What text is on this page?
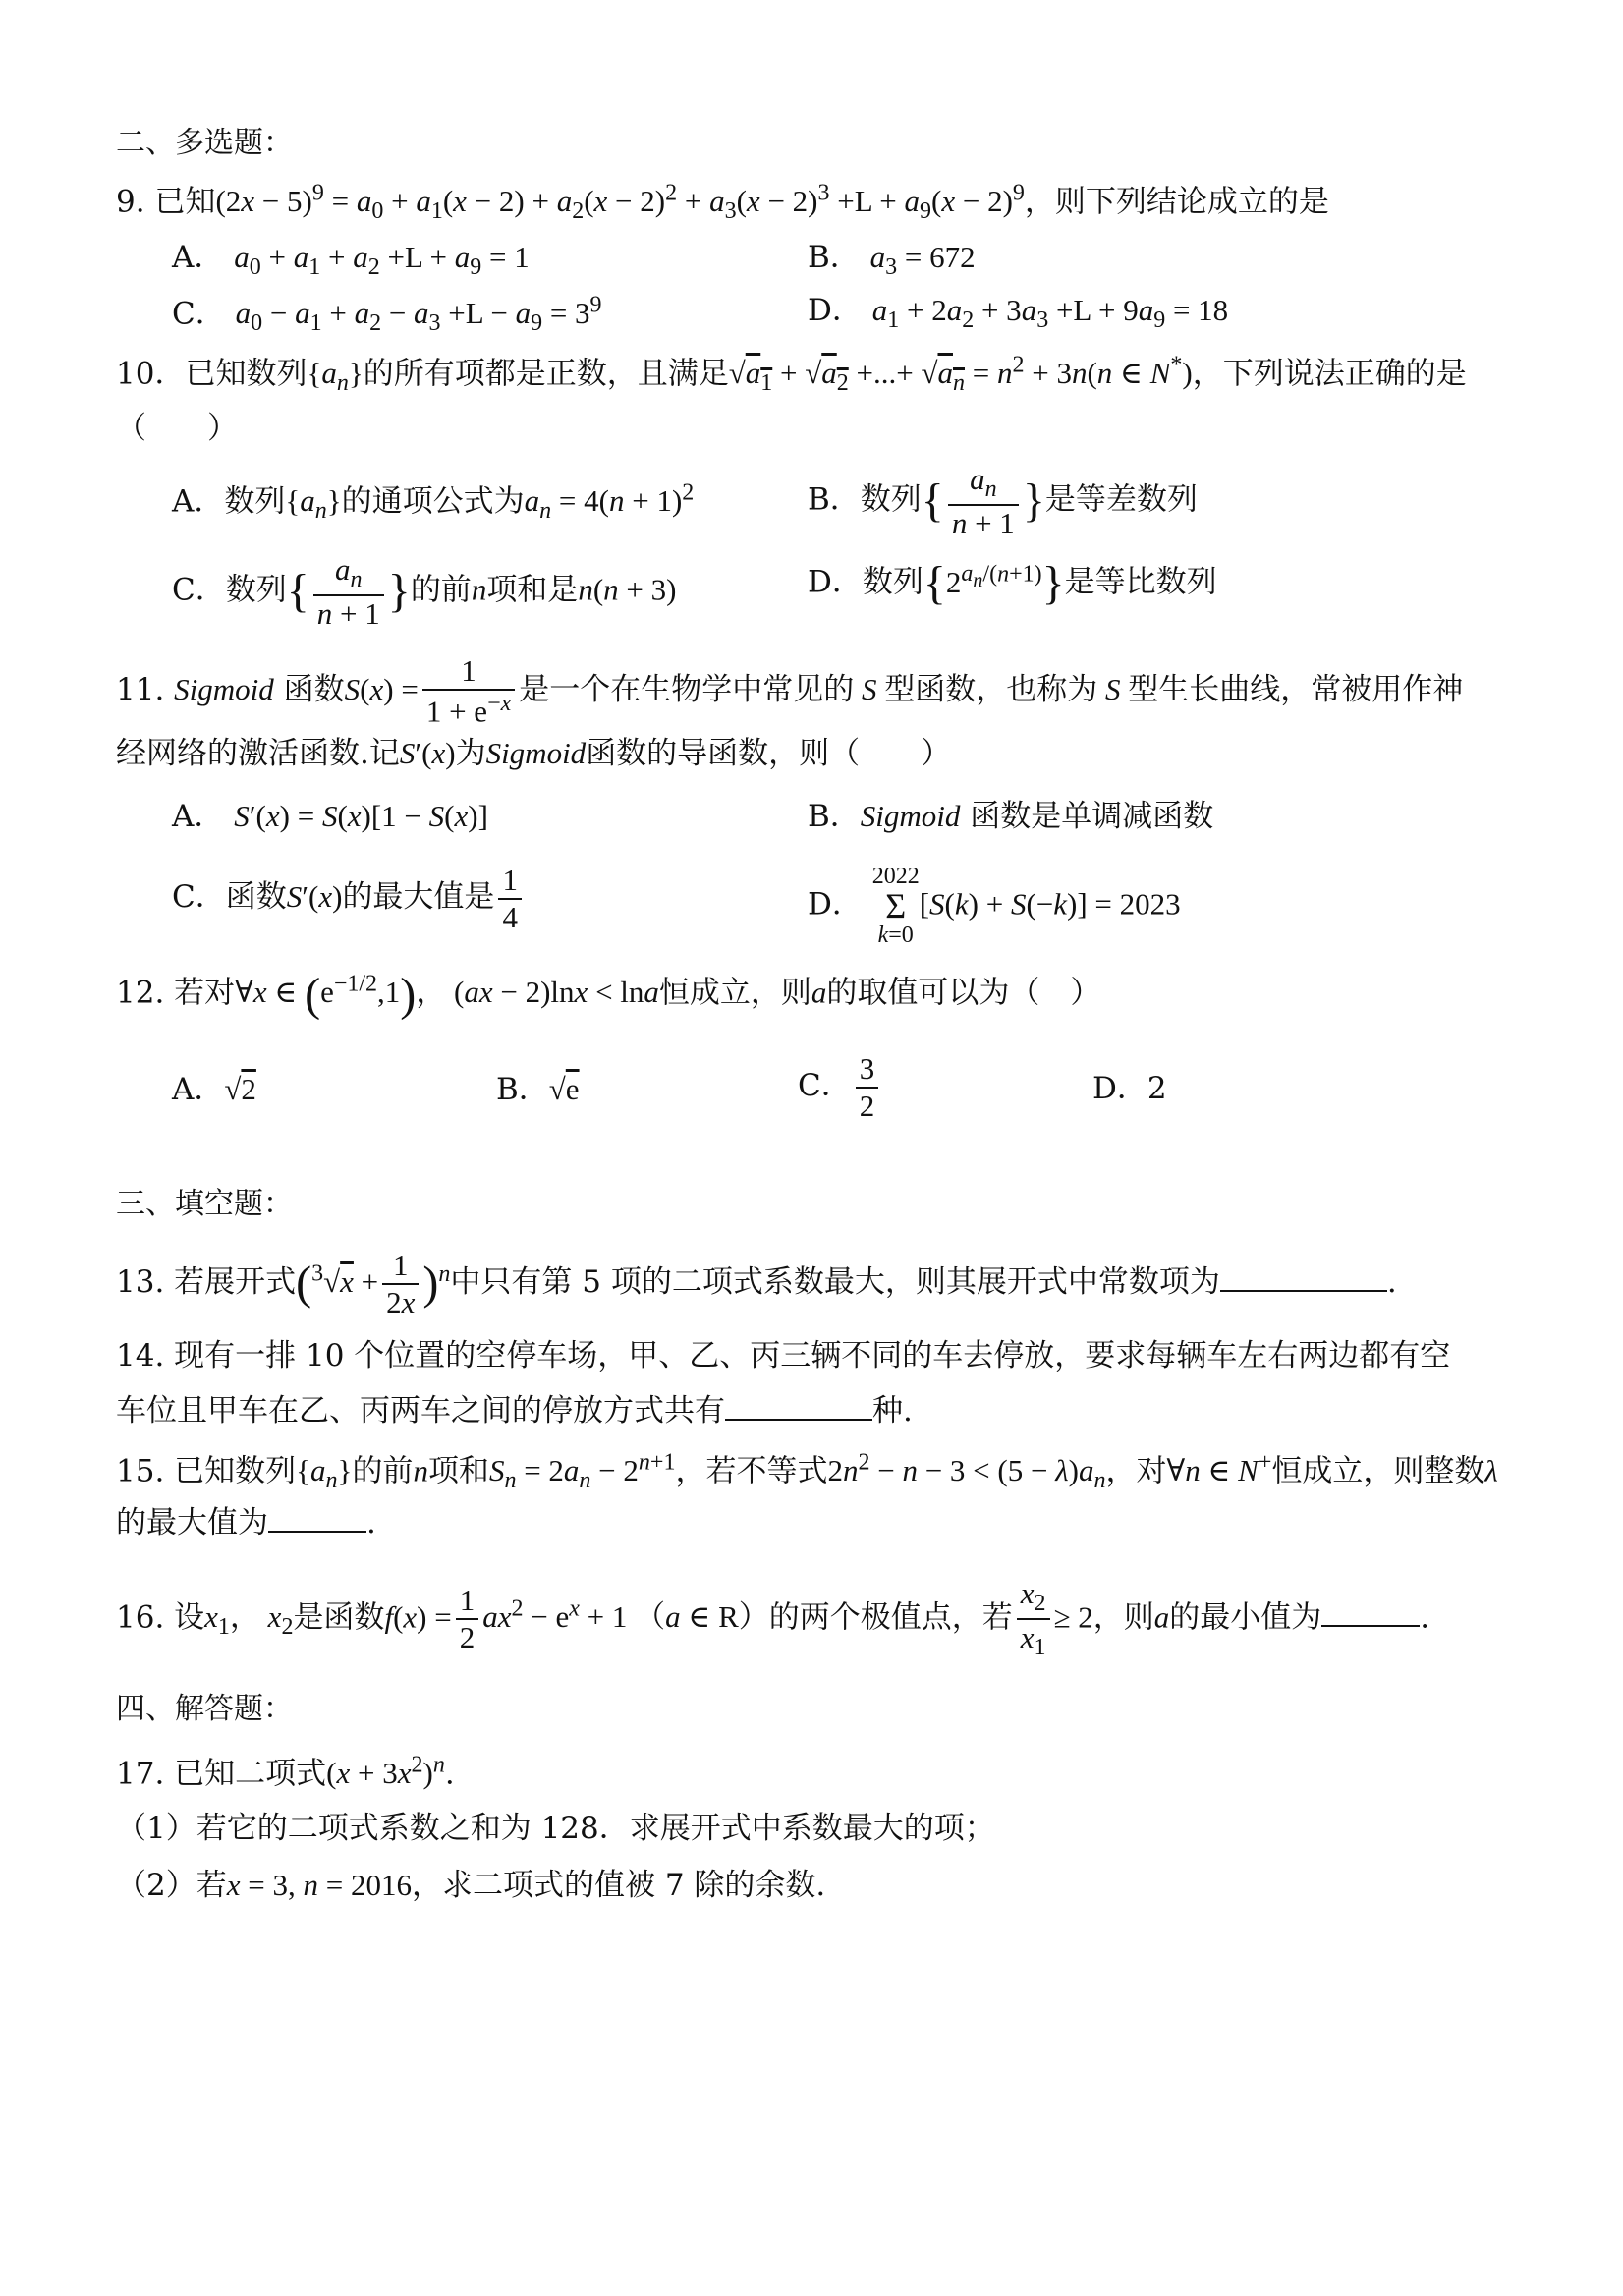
二、多选题：
9. 已知$(2x - 5)^9 = a_0 + a_1(x - 2) + a_2(x - 2)^2 + a_3(x - 2)^3 +L + a_9(x - 2)^9$，则下列结论成立的是
A． $a_0 + a_1 + a_2 +L + a_9 = 1$	B． $a_3 = 672$
C． $a_0 - a_1 + a_2 - a_3 +L - a_9 = 3^9$	D． $a_1 + 2a_2 + 3a_3 +L + 9a_9 = 18$
10．已知数列$\{a_n\}$的所有项都是正数，且满足$√a_1 + √a_2$ +...+ $√a_n = n^2 + 3n(n$ ∈ N*)，下列说法正确的是
（　　）
A．数列$\{a_n\}$的通项公式为$a_n = 4(n + 1)^2$	B．数列{ $\frac{a_n}{n + 1}$ }是等差数列
C．数列{ $\frac{a_n}{n + 1}$ }的前n项和是n(n + 3)	D．数列$\{2^{a_n/(n+1)}\}$是等比数列
11. Sigmoid 函数$S(x) = \frac{1}{1 + e^{-x}}$ 是一个在生物学中常见的 S 型函数，也称为 S 型生长曲线，常被用作神
经网络的激活函数.记S′(x)为Sigmoid函数的导函数，则（　　）
A． S′(x) = S(x)[1 − S(x)]	B．Sigmoid 函数是单调减函数
C．函数S′(x)的最大值是 $\frac{1}{4}$	D．
2022
Σ
k=0
[S(k) + S(−k)] = 2023
12. 若对∀x ∈ $(e^{-1/2},1)$， (ax − 2)lnx < lna恒成立，则a的取值可以为（　）
A．√2	B．√e	C． $\frac{3}{2}$	D．2
三、填空题：
13. 若展开式$(^3√x + \frac{1}{2x} )^n$中只有第 5 项的二项式系数最大，则其展开式中常数项为	.
14. 现有一排 10 个位置的空停车场，甲、乙、丙三辆不同的车去停放，要求每辆车左右两边都有空
车位且甲车在乙、丙两车之间的停放方式共有	种.
15. 已知数列$\{a_n\}$的前n项和$S_n = 2a_n - 2^{n+1}$，若不等式$2n^2 - n - 3 < (5 - \lambda)a_n$，对∀n ∈ N+恒成立，则整数λ
的最大值为	.
16. 设$x_1$， $x_2$是函数$f(x) = \frac{1}{2} ax^2 - e^x + 1$ （a ∈ R）的两个极值点，若 $\frac{x_2}{x_1} \ge 2$，则a的最小值为	.
四、解答题：
17. 已知二项式$(x + 3x^2)^n$.
（1）若它的二项式系数之和为 128．求展开式中系数最大的项；
（2）若x = 3, n = 2016，求二项式的值被 7 除的余数.
